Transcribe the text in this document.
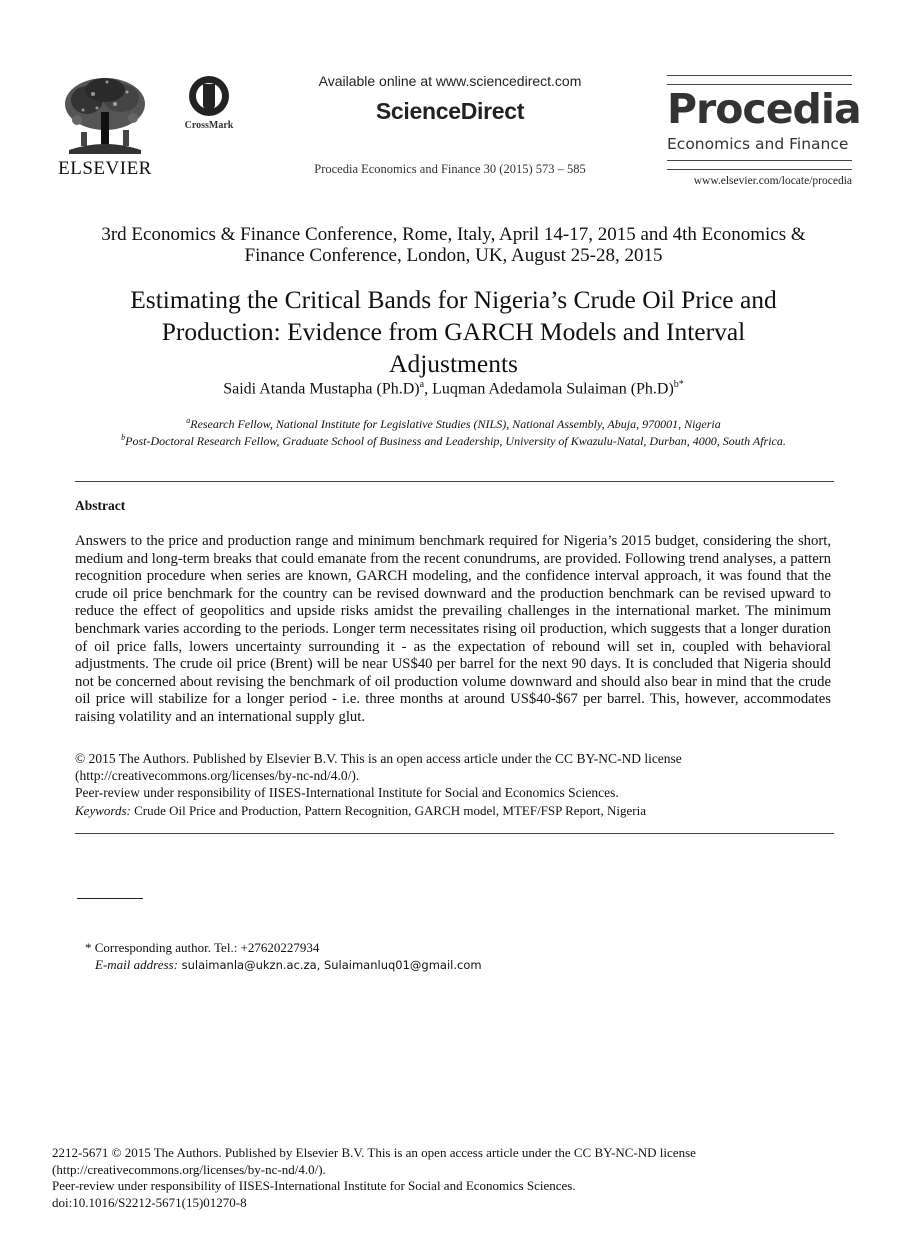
ELSEVIER
CrossMark
Available online at www.sciencedirect.com
ScienceDirect
Procedia Economics and Finance 30 (2015) 573 – 585
Procedia
Economics and Finance
www.elsevier.com/locate/procedia
3rd Economics & Finance Conference, Rome, Italy, April 14-17, 2015 and 4th Economics &
Finance Conference, London, UK, August 25-28, 2015
Estimating the Critical Bands for Nigeria’s Crude Oil Price and
Production: Evidence from GARCH Models and Interval
Adjustments
Saidi Atanda Mustapha $(Ph.D)^a$, Luqman Adedamola Sulaiman $(Ph.D)^{b*}$
$^a$Research Fellow, National Institute for Legislative Studies (NILS), National Assembly, Abuja, 970001, Nigeria
$^b$Post-Doctoral Research Fellow, Graduate School of Business and Leadership, University of Kwazulu-Natal, Durban, 4000, South Africa.
Abstract
Answers to the price and production range and minimum benchmark required for Nigeria’s 2015 budget, considering the short, medium and long-term breaks that could emanate from the recent conundrums, are provided. Following trend analyses, a pattern recognition procedure when series are known, GARCH modeling, and the confidence interval approach, it was found that the crude oil price benchmark for the country can be revised downward and the production benchmark can be revised upward to reduce the effect of geopolitics and upside risks amidst the prevailing challenges in the international market. The minimum benchmark varies according to the periods. Longer term necessitates rising oil production, which suggests that a longer duration of oil price falls, lowers uncertainty surrounding it - as the expectation of rebound will set in, coupled with behavioral adjustments. The crude oil price (Brent) will be near US$40 per barrel for the next 90 days. It is concluded that Nigeria should not be concerned about revising the benchmark of oil production volume downward and should also bear in mind that the crude oil price will stabilize for a longer period - i.e. three months at around US$40-$67 per barrel. This, however, accommodates raising volatility and an international supply glut.
© 2015 The Authors. Published by Elsevier B.V. This is an open access article under the CC BY-NC-ND license
(http://creativecommons.org/licenses/by-nc-nd/4.0/).
Peer-review under responsibility of IISES-International Institute for Social and Economics Sciences.
Keywords: Crude Oil Price and Production, Pattern Recognition, GARCH model, MTEF/FSP Report, Nigeria
* Corresponding author. Tel.: +27620227934
E-mail address: sulaimanla@ukzn.ac.za, Sulaimanluq01@gmail.com
2212-5671 © 2015 The Authors. Published by Elsevier B.V. This is an open access article under the CC BY-NC-ND license
(http://creativecommons.org/licenses/by-nc-nd/4.0/).
Peer-review under responsibility of IISES-International Institute for Social and Economics Sciences.
doi:10.1016/S2212-5671(15)01270-8
